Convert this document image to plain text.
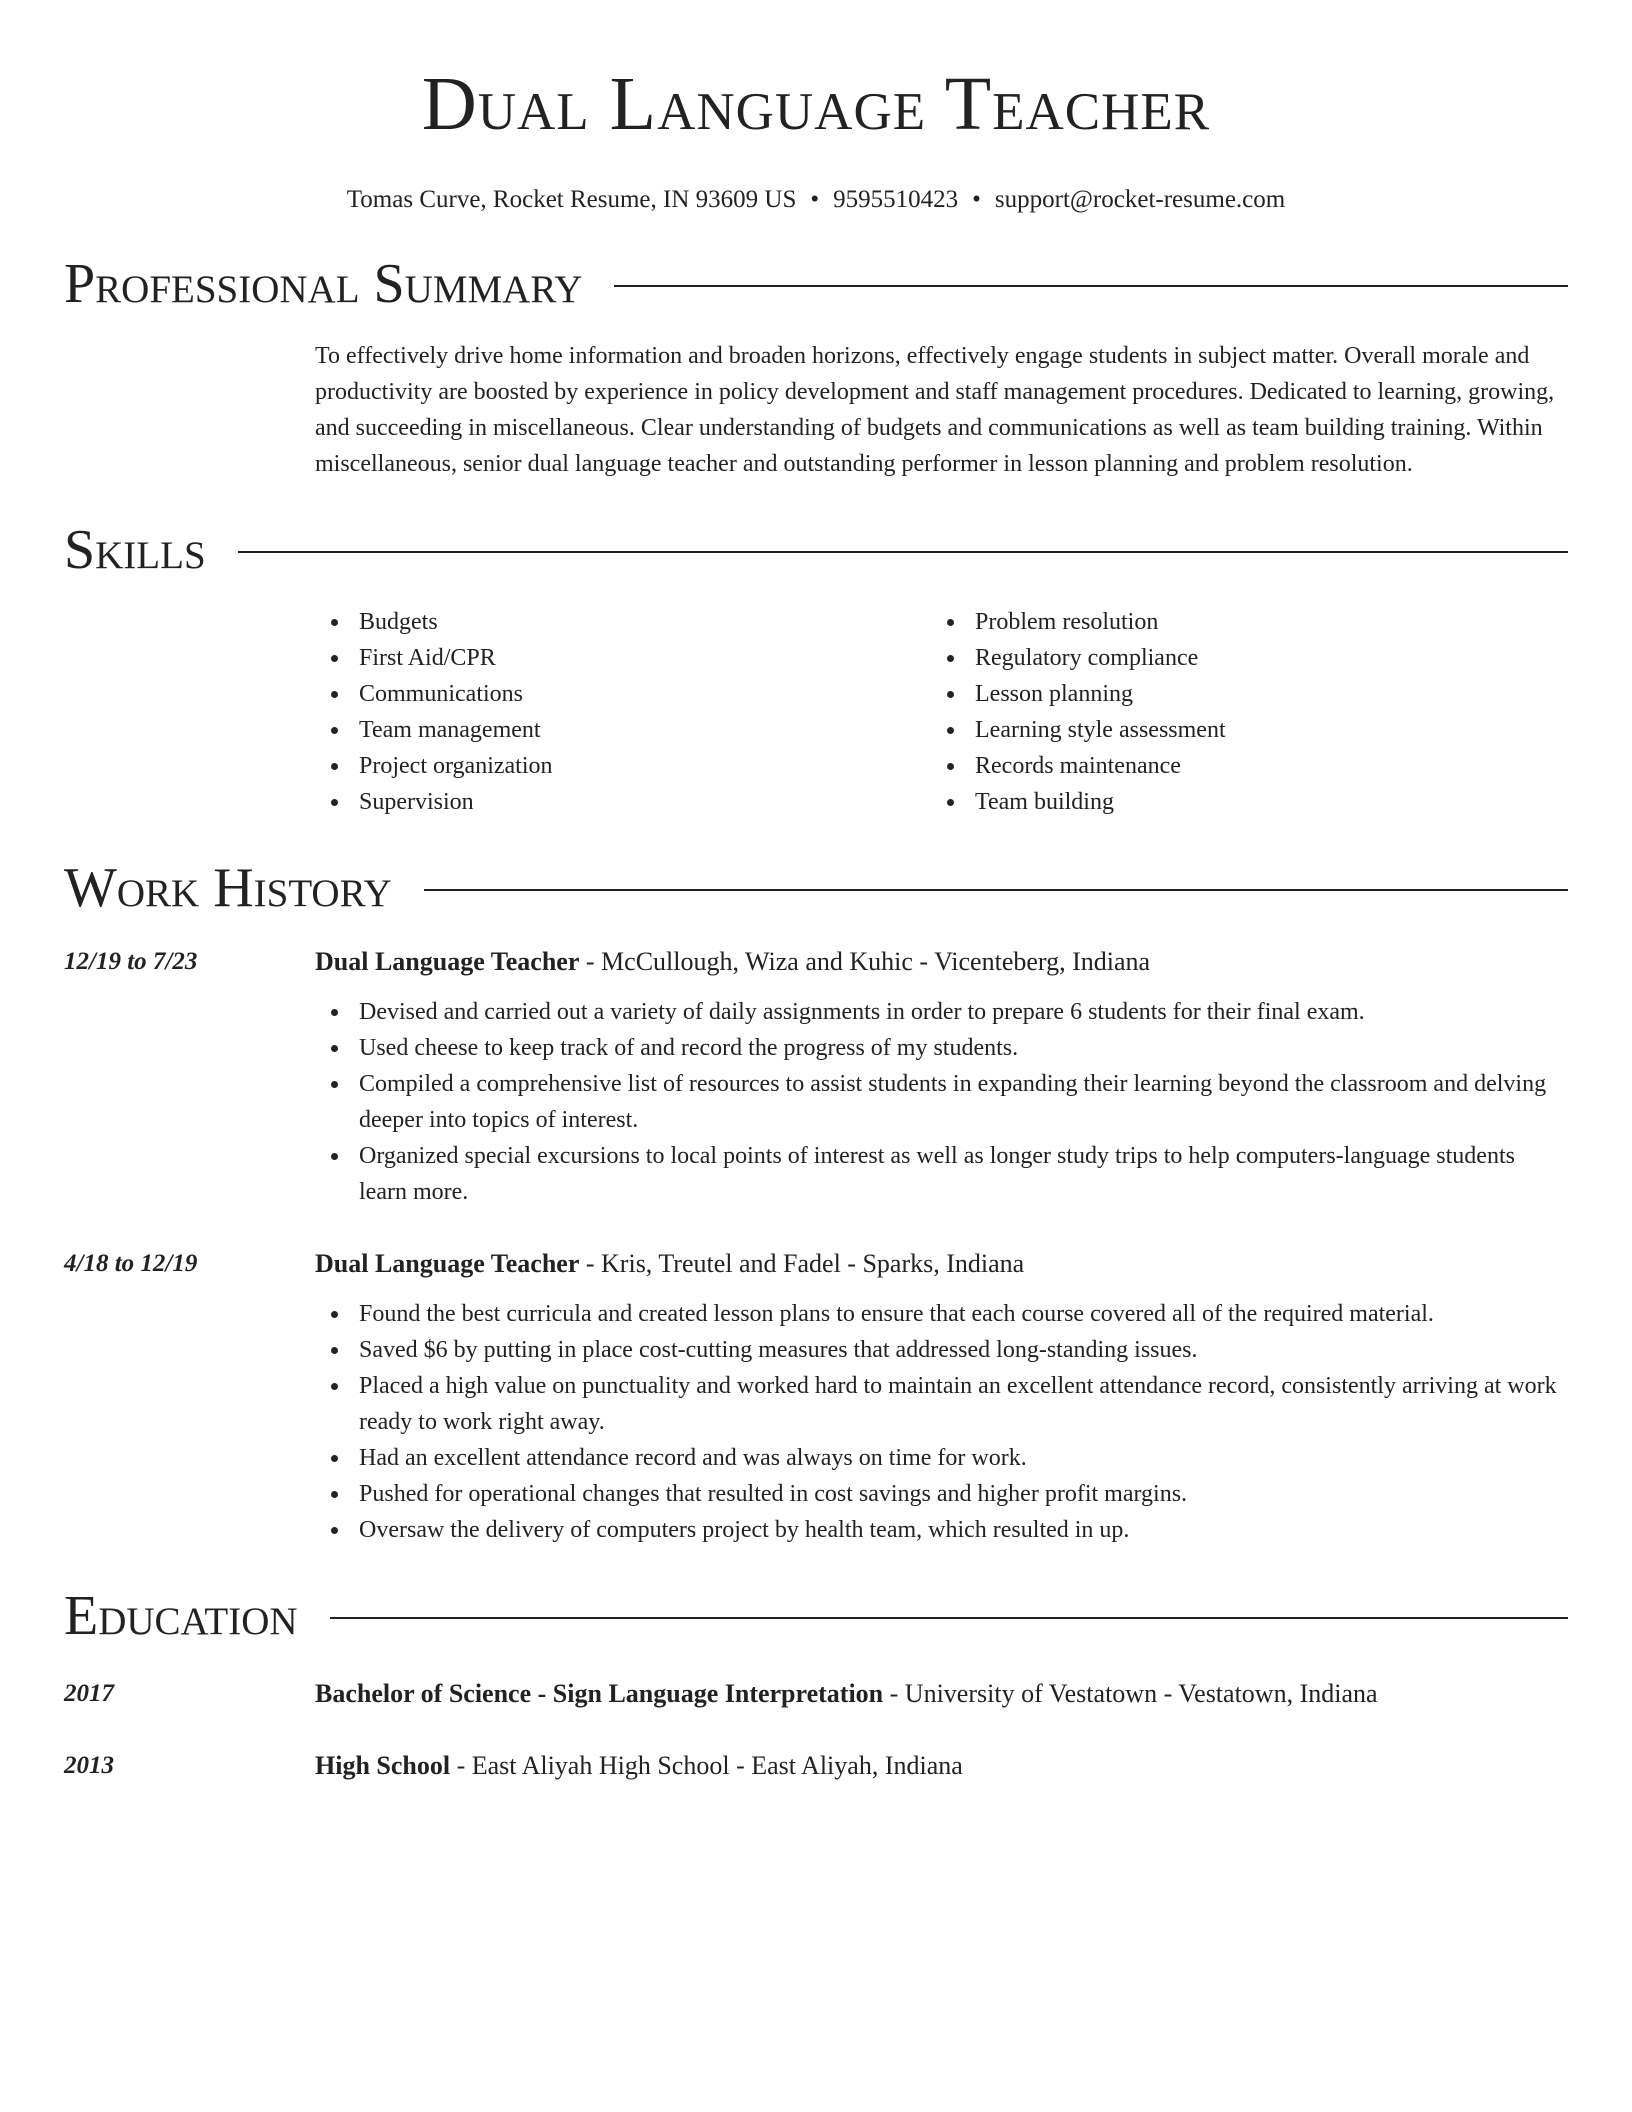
Dual Language Teacher
Tomas Curve, Rocket Resume, IN 93609 US • 9595510423 • support@rocket-resume.com
Professional Summary
To effectively drive home information and broaden horizons, effectively engage students in subject matter. Overall morale and productivity are boosted by experience in policy development and staff management procedures. Dedicated to learning, growing, and succeeding in miscellaneous. Clear understanding of budgets and communications as well as team building training. Within miscellaneous, senior dual language teacher and outstanding performer in lesson planning and problem resolution.
Skills
Budgets
First Aid/CPR
Communications
Team management
Project organization
Supervision
Problem resolution
Regulatory compliance
Lesson planning
Learning style assessment
Records maintenance
Team building
Work History
12/19 to 7/23	Dual Language Teacher - McCullough, Wiza and Kuhic - Vicenteberg, Indiana
Devised and carried out a variety of daily assignments in order to prepare 6 students for their final exam.
Used cheese to keep track of and record the progress of my students.
Compiled a comprehensive list of resources to assist students in expanding their learning beyond the classroom and delving deeper into topics of interest.
Organized special excursions to local points of interest as well as longer study trips to help computers-language students learn more.
4/18 to 12/19	Dual Language Teacher - Kris, Treutel and Fadel - Sparks, Indiana
Found the best curricula and created lesson plans to ensure that each course covered all of the required material.
Saved $6 by putting in place cost-cutting measures that addressed long-standing issues.
Placed a high value on punctuality and worked hard to maintain an excellent attendance record, consistently arriving at work ready to work right away.
Had an excellent attendance record and was always on time for work.
Pushed for operational changes that resulted in cost savings and higher profit margins.
Oversaw the delivery of computers project by health team, which resulted in up.
Education
2017	Bachelor of Science - Sign Language Interpretation - University of Vestatown - Vestatown, Indiana
2013	High School - East Aliyah High School - East Aliyah, Indiana
